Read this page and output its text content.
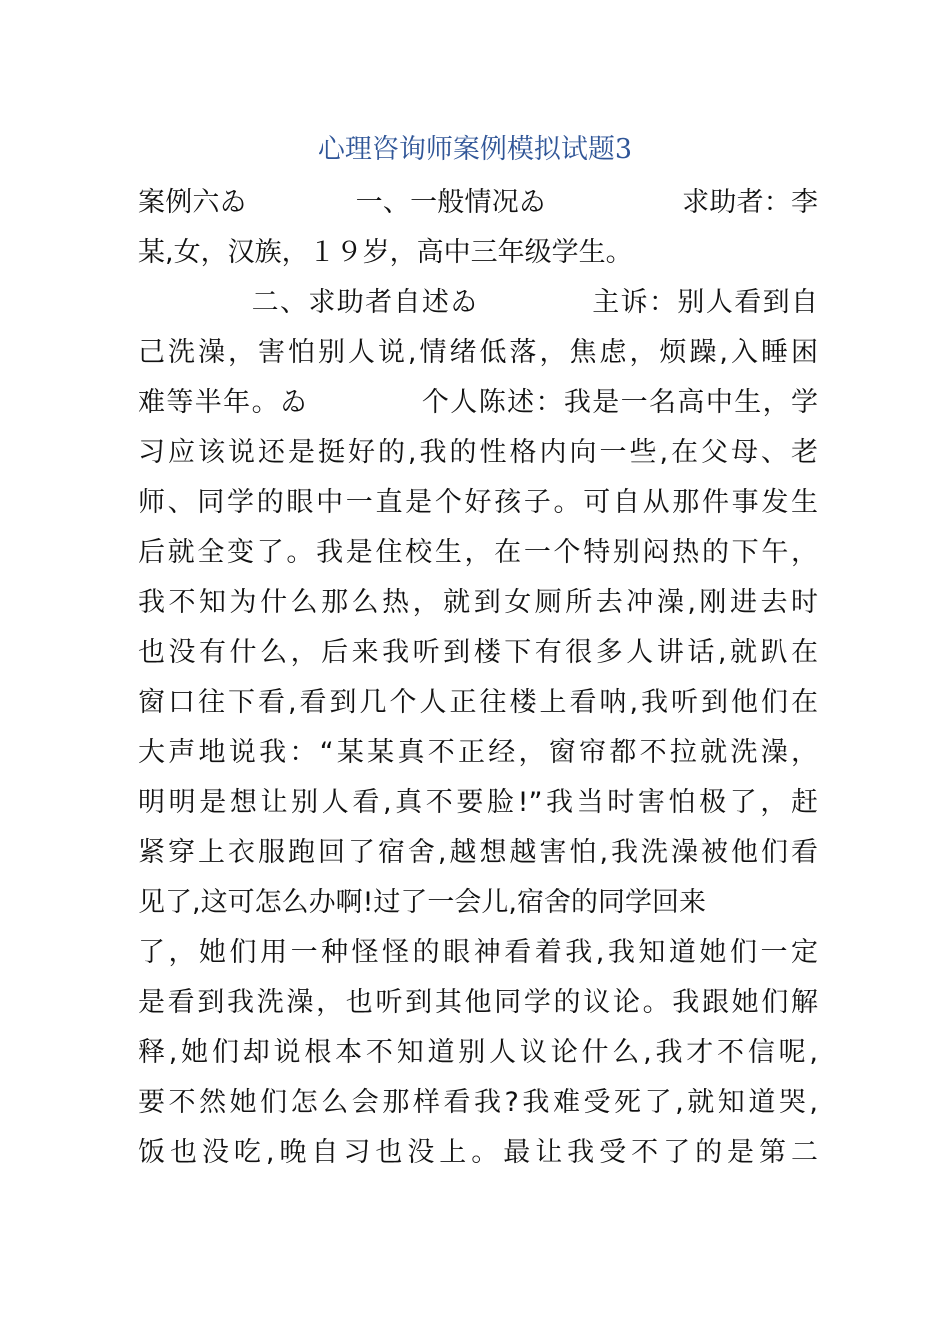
心理咨询师案例模拟试题3
案例六ゐ　　　　一、一般情况ゐ　　　　　求助者：李
某,女，汉族，１９岁，高中三年级学生。
　　　　二、求助者自述ゐ　　　　主诉：别人看到自
己洗澡，害怕别人说,情绪低落，焦虑，烦躁,入睡困
难等半年。ゐ　　　　个人陈述：我是一名高中生，学
习应该说还是挺好的,我的性格内向一些,在父母、老
师、同学的眼中一直是个好孩子。可自从那件事发生
后就全变了。我是住校生，在一个特别闷热的下午，
我不知为什么那么热，就到女厕所去冲澡,刚进去时
也没有什么，后来我听到楼下有很多人讲话,就趴在
窗口往下看,看到几个人正往楼上看呐,我听到他们在
大声地说我：“某某真不正经，窗帘都不拉就洗澡，
明明是想让别人看,真不要脸!”我当时害怕极了，赶
紧穿上衣服跑回了宿舍,越想越害怕,我洗澡被他们看
见了,这可怎么办啊!过了一会儿,宿舍的同学回来
了，她们用一种怪怪的眼神看着我,我知道她们一定
是看到我洗澡，也听到其他同学的议论。我跟她们解
释,她们却说根本不知道别人议论什么,我才不信呢,
要不然她们怎么会那样看我?我难受死了,就知道哭,
饭也没吃,晚自习也没上。最让我受不了的是第二
